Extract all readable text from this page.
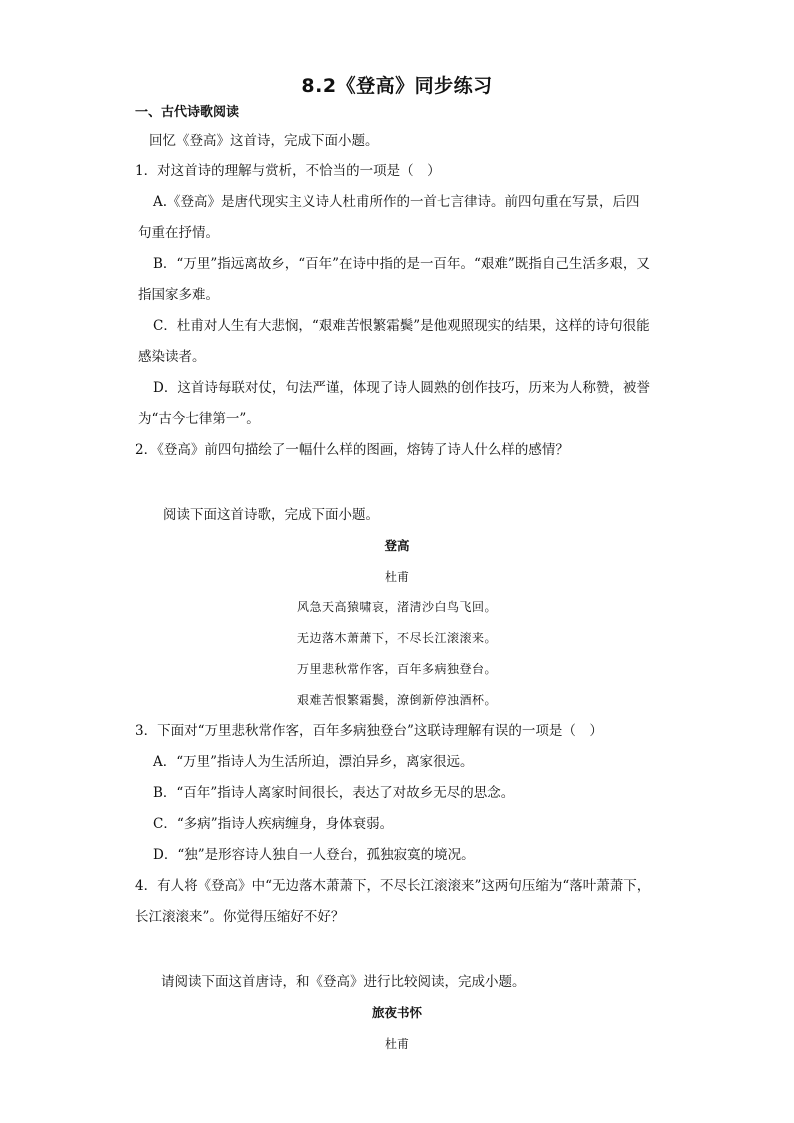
8.2《登高》同步练习
一、古代诗歌阅读
回忆《登高》这首诗，完成下面小题。
1．对这首诗的理解与赏析，不恰当的一项是（　）
A.《登高》是唐代现实主义诗人杜甫所作的一首七言律诗。前四句重在写景，后四
句重在抒情。
B．“万里”指远离故乡，“百年”在诗中指的是一百年。“艰难”既指自己生活多艰，又
指国家多难。
C．杜甫对人生有大悲悯，“艰难苦恨繁霜鬓”是他观照现实的结果，这样的诗句很能
感染读者。
D．这首诗每联对仗，句法严谨，体现了诗人圆熟的创作技巧，历来为人称赞，被誉
为“古今七律第一”。
2．《登高》前四句描绘了一幅什么样的图画，熔铸了诗人什么样的感情？
阅读下面这首诗歌，完成下面小题。
登高
杜甫
风急天高猿啸哀，渚清沙白鸟飞回。
无边落木萧萧下，不尽长江滚滚来。
万里悲秋常作客，百年多病独登台。
艰难苦恨繁霜鬓，潦倒新停浊酒杯。
3．下面对“万里悲秋常作客，百年多病独登台”这联诗理解有误的一项是（　）
A．“万里”指诗人为生活所迫，漂泊异乡，离家很远。
B．“百年”指诗人离家时间很长，表达了对故乡无尽的思念。
C．“多病”指诗人疾病缠身，身体衰弱。
D．“独”是形容诗人独自一人登台，孤独寂寞的境况。
4．有人将《登高》中“无边落木萧萧下，不尽长江滚滚来”这两句压缩为“落叶萧萧下，
长江滚滚来”。你觉得压缩好不好？
请阅读下面这首唐诗，和《登高》进行比较阅读，完成小题。
旅夜书怀
杜甫
